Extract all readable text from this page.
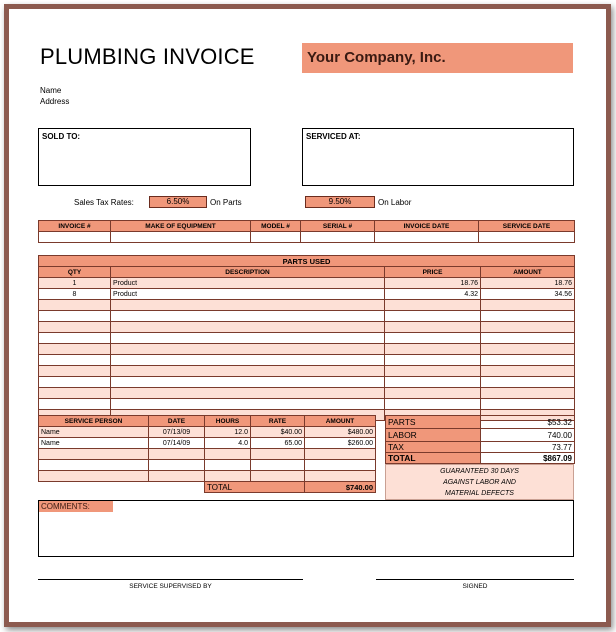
PLUMBING INVOICE	Your Company, Inc.
Name
Address
SOLD TO:	SERVICED AT:
Sales Tax Rates:	6.50%	On Parts	9.50%	On Labor
INVOICE #	MAKE OF EQUIPMENT	MODEL #	SERIAL #	INVOICE DATE	SERVICE DATE

PARTS USED			
QTY	DESCRIPTION	PRICE	AMOUNT
1	Product	18.76	18.76
8	Product	4.32	34.56

SERVICE PERSON	DATE	HOURS	RATE	AMOUNT
Name	07/13/09	12.0	$40.00	$480.00
Name	07/14/09	4.0	65.00	$260.00

		TOTAL		$740.00
PARTS	$53.32
LABOR	740.00
TAX	73.77
TOTAL	$867.09
GUARANTEED 30 DAYS
AGAINST LABOR AND
MATERIAL DEFECTS
COMMENTS:
SERVICE SUPERVISED BY	SIGNED
